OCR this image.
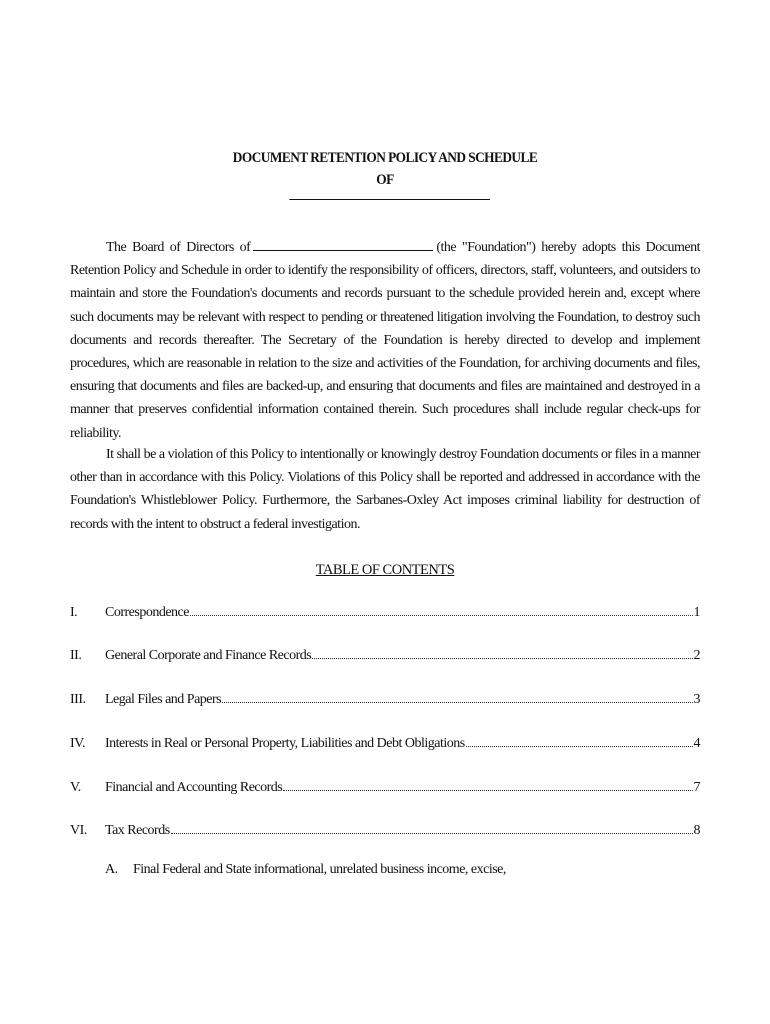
DOCUMENT RETENTION POLICY AND SCHEDULE
OF
The Board of Directors of	(the "Foundation") hereby adopts this Document Retention Policy and Schedule in order to identify the responsibility of officers, directors, staff, volunteers, and outsiders to maintain and store the Foundation's documents and records pursuant to the schedule provided herein and, except where such documents may be relevant with respect to pending or threatened litigation involving the Foundation, to destroy such documents and records thereafter. The Secretary of the Foundation is hereby directed to develop and implement procedures, which are reasonable in relation to the size and activities of the Foundation, for archiving documents and files, ensuring that documents and files are backed-up, and ensuring that documents and files are maintained and destroyed in a manner that preserves confidential information contained therein. Such procedures shall include regular check-ups for reliability.
It shall be a violation of this Policy to intentionally or knowingly destroy Foundation documents or files in a manner other than in accordance with this Policy. Violations of this Policy shall be reported and addressed in accordance with the Foundation's Whistleblower Policy. Furthermore, the Sarbanes-Oxley Act imposes criminal liability for destruction of records with the intent to obstruct a federal investigation.
TABLE OF CONTENTS
I.	Correspondence	1
II.	General Corporate and Finance Records	2
III.	Legal Files and Papers	3
IV.	Interests in Real or Personal Property, Liabilities and Debt Obligations	4
V.	Financial and Accounting Records	7
VI.	Tax Records	8
A.	Final Federal and State informational, unrelated business income, excise,
